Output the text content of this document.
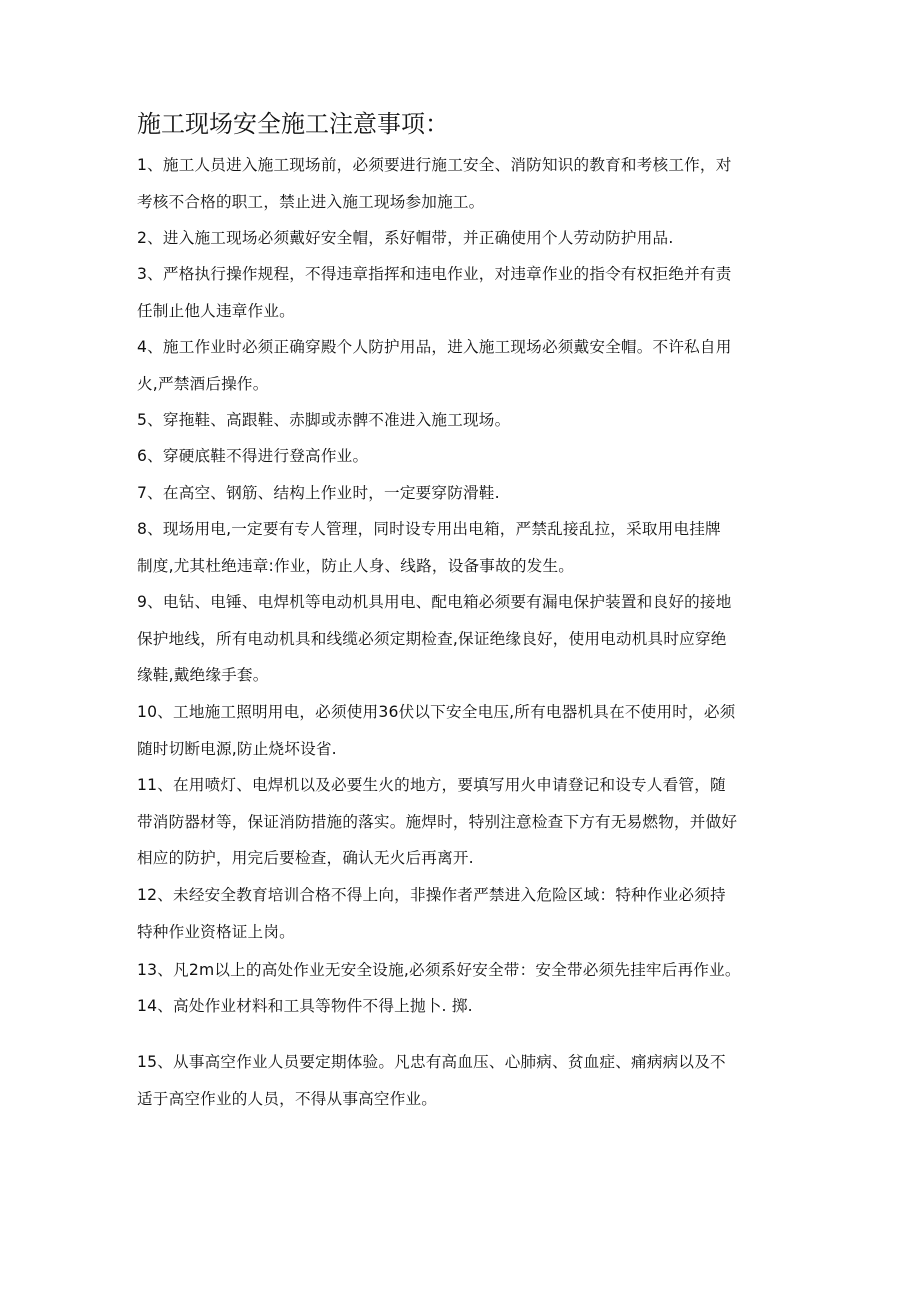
施工现场安全施工注意事项：
1、施工人员进入施工现场前，必须要进行施工安全、消防知识的教育和考核工作，对
考核不合格的职工，禁止进入施工现场参加施工。
2、进入施工现场必须戴好安全帽，系好帽带，并正确使用个人劳动防护用品.
3、严格执行操作规程，不得违章指挥和违电作业，对违章作业的指令有权拒绝并有责
任制止他人违章作业。
4、施工作业时必须正确穿殿个人防护用品，进入施工现场必须戴安全帽。不许私自用
火,严禁酒后操作。
5、穿拖鞋、高跟鞋、赤脚或赤髀不准进入施工现场。
6、穿硬底鞋不得进行登高作业。
7、在高空、钢筋、结构上作业时，一定要穿防滑鞋.
8、现场用电,一定要有专人管理，同时设专用出电箱，严禁乱接乱拉，采取用电挂牌
制度,尤其杜绝违章:作业，防止人身、线路，设备事故的发生。
9、电钻、电锤、电焊机等电动机具用电、配电箱必须要有漏电保护装置和良好的接地
保护地线，所有电动机具和线缆必须定期检查,保证绝缘良好，使用电动机具时应穿绝
缘鞋,戴绝缘手套。
10、工地施工照明用电，必须使用36伏以下安全电压,所有电器机具在不使用时，必须
随时切断电源,防止烧坏设省.
11、在用喷灯、电焊机以及必要生火的地方，要填写用火申请登记和设专人看管，随
带消防器材等，保证消防措施的落实。施焊时，特别注意检查下方有无易燃物，并做好
相应的防护，用完后要检查，确认无火后再离开.
12、未经安全教育培训合格不得上向，非操作者严禁进入危险区域：特种作业必须持
特种作业资格证上岗。
13、凡2m以上的高处作业无安全设施,必须系好安全带：安全带必须先挂牢后再作业。
14、高处作业材料和工具等物件不得上抛卜. 掷.
15、从事高空作业人员要定期体验。凡忠有高血压、心肺病、贫血症、痛病病以及不
适于高空作业的人员，不得从事高空作业。
